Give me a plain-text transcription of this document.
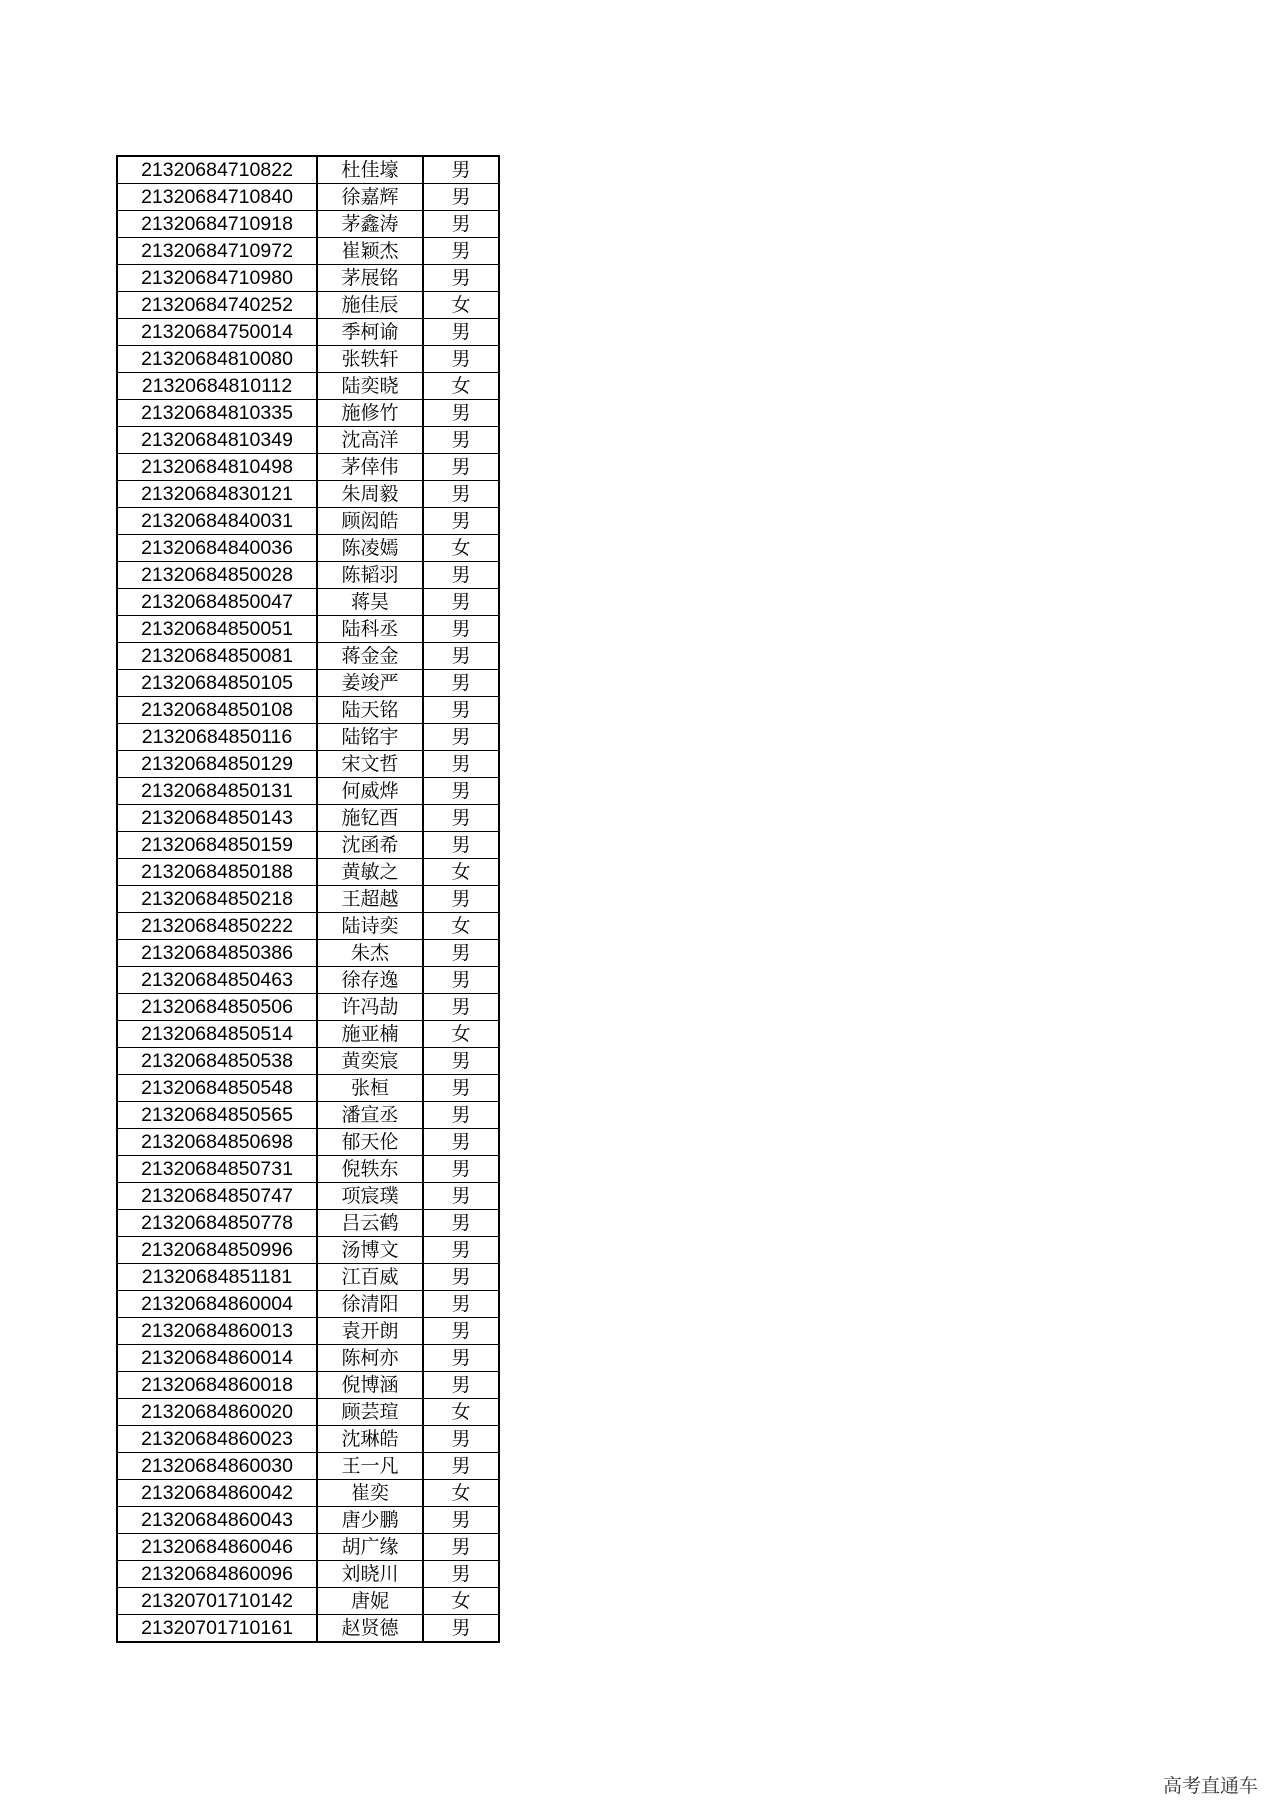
21320684710822	杜佳壕	男
21320684710840	徐嘉辉	男
21320684710918	茅鑫涛	男
21320684710972	崔颖杰	男
21320684710980	茅展铭	男
21320684740252	施佳辰	女
21320684750014	季柯谕	男
21320684810080	张轶轩	男
21320684810112	陆奕晓	女
21320684810335	施修竹	男
21320684810349	沈高洋	男
21320684810498	茅倖伟	男
21320684830121	朱周毅	男
21320684840031	顾闳皓	男
21320684840036	陈凌嫣	女
21320684850028	陈韬羽	男
21320684850047	蒋昊	男
21320684850051	陆科丞	男
21320684850081	蒋金金	男
21320684850105	姜竣严	男
21320684850108	陆天铭	男
21320684850116	陆铭宇	男
21320684850129	宋文哲	男
21320684850131	何威烨	男
21320684850143	施钇酉	男
21320684850159	沈函希	男
21320684850188	黄敏之	女
21320684850218	王超越	男
21320684850222	陆诗奕	女
21320684850386	朱杰	男
21320684850463	徐存逸	男
21320684850506	许冯劼	男
21320684850514	施亚楠	女
21320684850538	黄奕宸	男
21320684850548	张桓	男
21320684850565	潘宣丞	男
21320684850698	郁天伦	男
21320684850731	倪轶东	男
21320684850747	项宸璞	男
21320684850778	吕云鹤	男
21320684850996	汤博文	男
21320684851181	江百威	男
21320684860004	徐清阳	男
21320684860013	袁开朗	男
21320684860014	陈柯亦	男
21320684860018	倪博涵	男
21320684860020	顾芸瑄	女
21320684860023	沈琳皓	男
21320684860030	王一凡	男
21320684860042	崔奕	女
21320684860043	唐少鹏	男
21320684860046	胡广缘	男
21320684860096	刘晓川	男
21320701710142	唐妮	女
21320701710161	赵贤德	男
高考直通车
